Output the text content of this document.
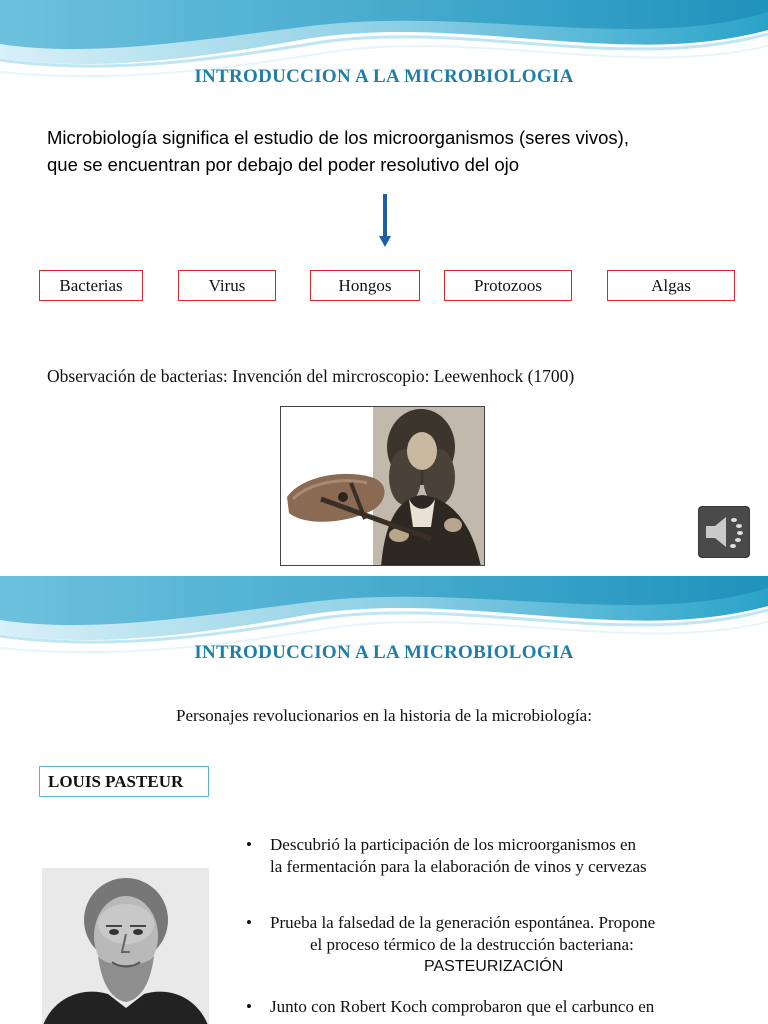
INTRODUCCION A LA MICROBIOLOGIA
Microbiología significa el estudio de los microorganismos (seres vivos),
que se encuentran por debajo del poder resolutivo del ojo
Bacterias	Virus	Hongos	Protozoos	Algas
Observación de bacterias: Invención del mircroscopio: Leewenhock (1700)
INTRODUCCION A LA MICROBIOLOGIA
Personajes revolucionarios en la historia de la microbiología:
LOUIS PASTEUR
• Descubrió la participación de los microorganismos en
la fermentación para la elaboración de vinos y cervezas
• Prueba la falsedad de la generación espontánea. Propone
el proceso térmico de la destrucción bacteriana:
PASTEURIZACIÓN
• Junto con Robert Koch comprobaron que el carbunco en
